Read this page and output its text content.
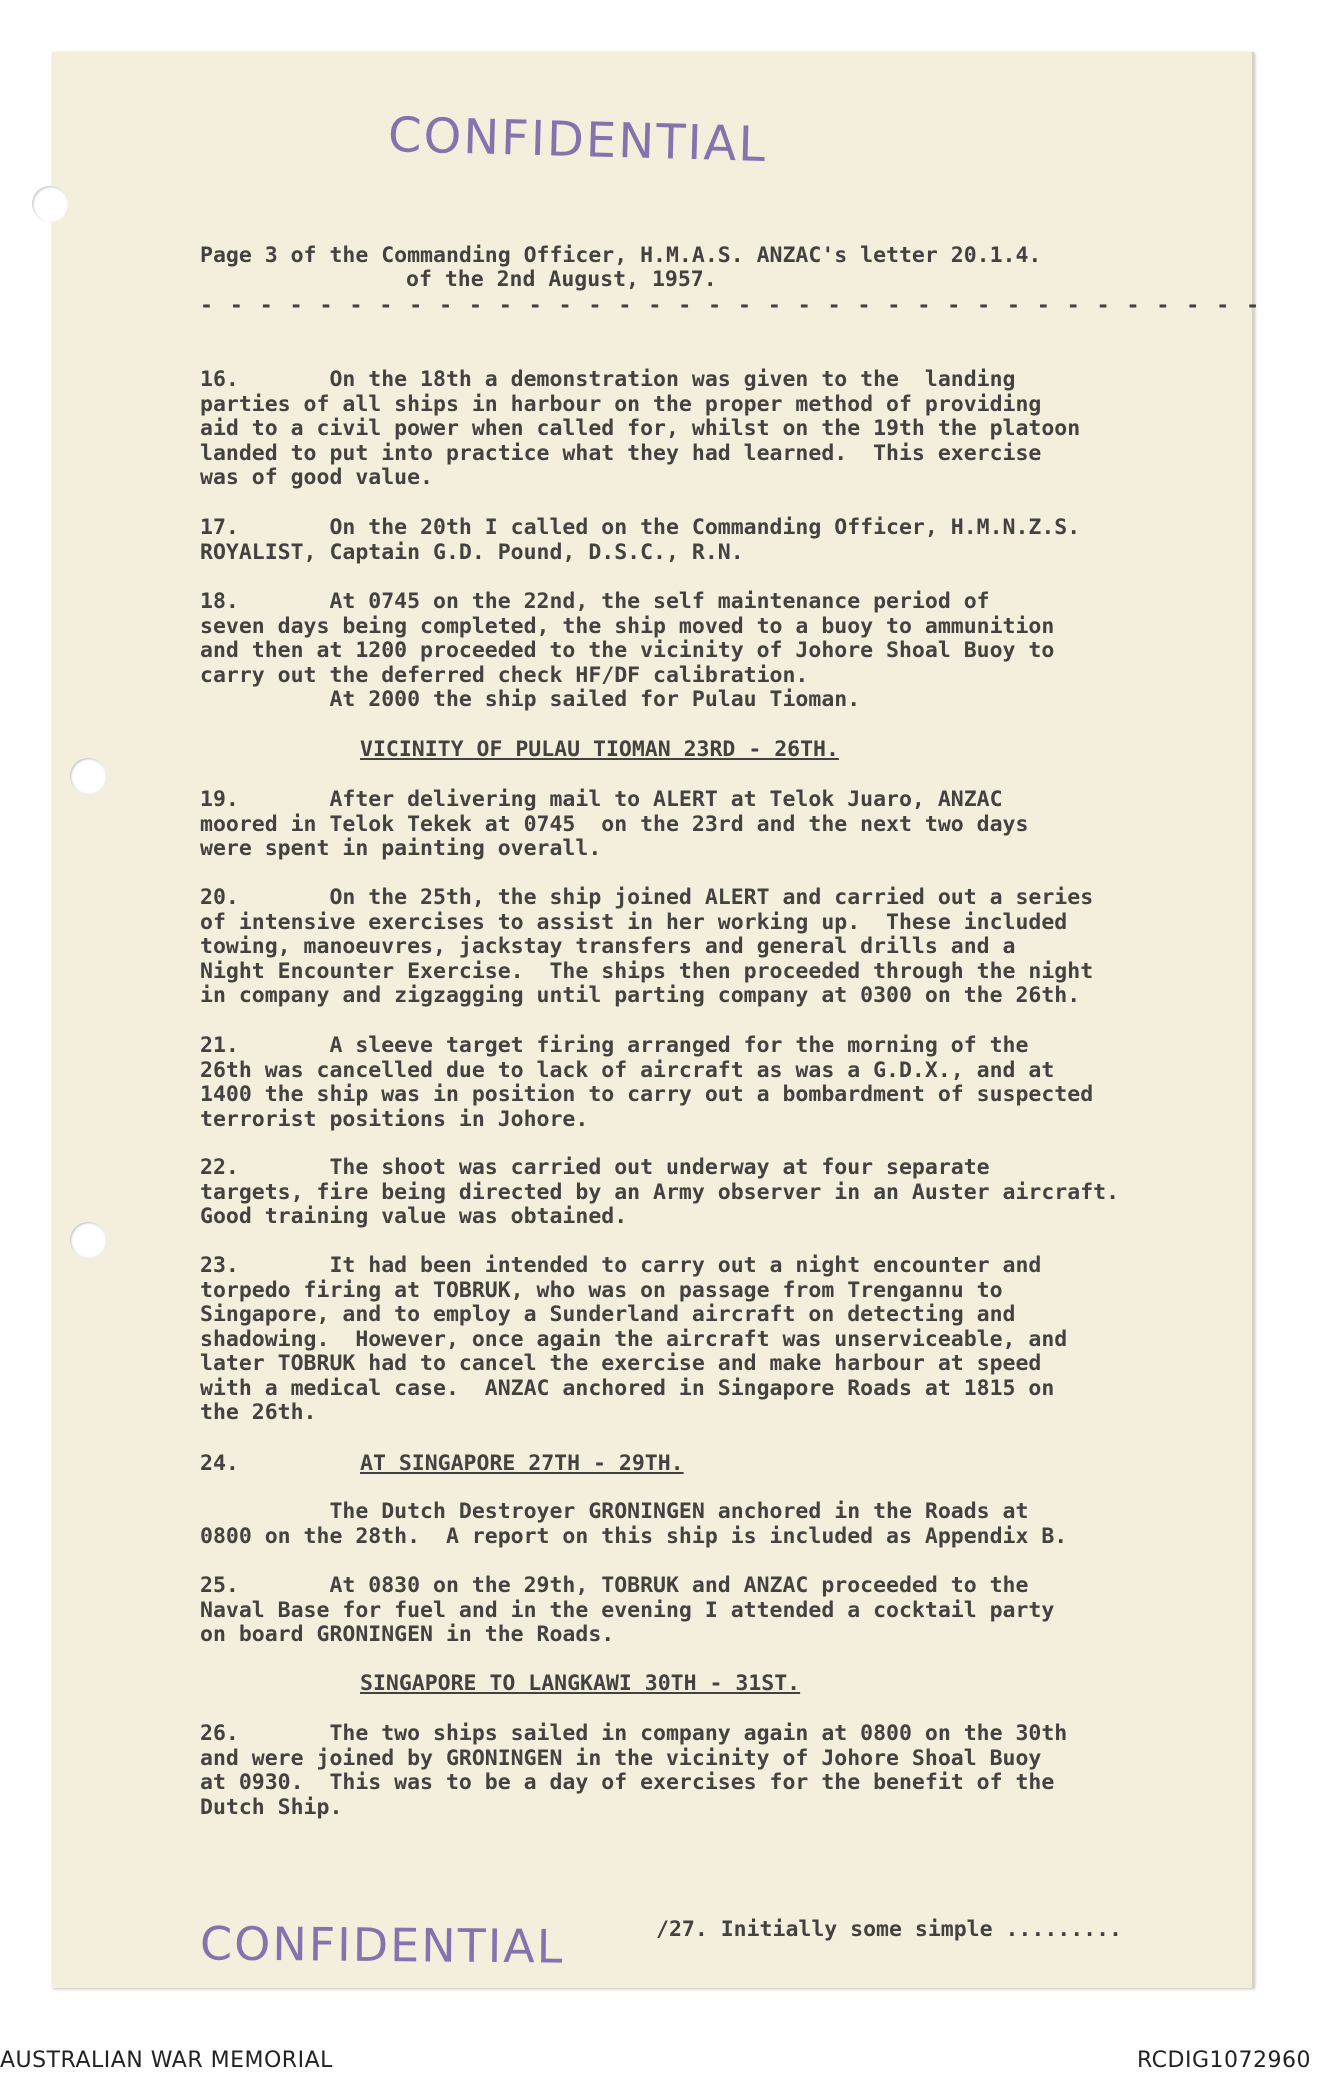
CONFIDENTIAL
Page 3 of the Commanding Officer, H.M.A.S. ANZAC's letter 20.1.4.
of the 2nd August, 1957.
- - - - - - - - - - - - - - - - - - - - - - - - - - - - - - - - - - - -
16.       On the 18th a demonstration was given to the  landing
parties of all ships in harbour on the proper method of providing
aid to a civil power when called for, whilst on the 19th the platoon
landed to put into practice what they had learned.  This exercise
was of good value.
17.       On the 20th I called on the Commanding Officer, H.M.N.Z.S.
ROYALIST, Captain G.D. Pound, D.S.C., R.N.
18.       At 0745 on the 22nd, the self maintenance period of
seven days being completed, the ship moved to a buoy to ammunition
and then at 1200 proceeded to the vicinity of Johore Shoal Buoy to
carry out the deferred check HF/DF calibration.
At 2000 the ship sailed for Pulau Tioman.
VICINITY OF PULAU TIOMAN 23RD - 26TH.
19.       After delivering mail to ALERT at Telok Juaro, ANZAC
moored in Telok Tekek at 0745  on the 23rd and the next two days
were spent in painting overall.
20.       On the 25th, the ship joined ALERT and carried out a series
of intensive exercises to assist in her working up.  These included
towing, manoeuvres, jackstay transfers and general drills and a
Night Encounter Exercise.  The ships then proceeded through the night
in company and zigzagging until parting company at 0300 on the 26th.
21.       A sleeve target firing arranged for the morning of the
26th was cancelled due to lack of aircraft as was a G.D.X., and at
1400 the ship was in position to carry out a bombardment of suspected
terrorist positions in Johore.
22.       The shoot was carried out underway at four separate
targets, fire being directed by an Army observer in an Auster aircraft.
Good training value was obtained.
23.       It had been intended to carry out a night encounter and
torpedo firing at TOBRUK, who was on passage from Trengannu to
Singapore, and to employ a Sunderland aircraft on detecting and
shadowing.  However, once again the aircraft was unserviceable, and
later TOBRUK had to cancel the exercise and make harbour at speed
with a medical case.  ANZAC anchored in Singapore Roads at 1815 on
the 26th.
24.	AT SINGAPORE 27TH - 29TH.
The Dutch Destroyer GRONINGEN anchored in the Roads at
0800 on the 28th.  A report on this ship is included as Appendix B.
25.       At 0830 on the 29th, TOBRUK and ANZAC proceeded to the
Naval Base for fuel and in the evening I attended a cocktail party
on board GRONINGEN in the Roads.
SINGAPORE TO LANGKAWI 30TH - 31ST.
26.       The two ships sailed in company again at 0800 on the 30th
and were joined by GRONINGEN in the vicinity of Johore Shoal Buoy
at 0930.  This was to be a day of exercises for the benefit of the
Dutch Ship.
CONFIDENTIAL	/27. Initially some simple .........
AUSTRALIAN WAR MEMORIAL	RCDIG1072960
